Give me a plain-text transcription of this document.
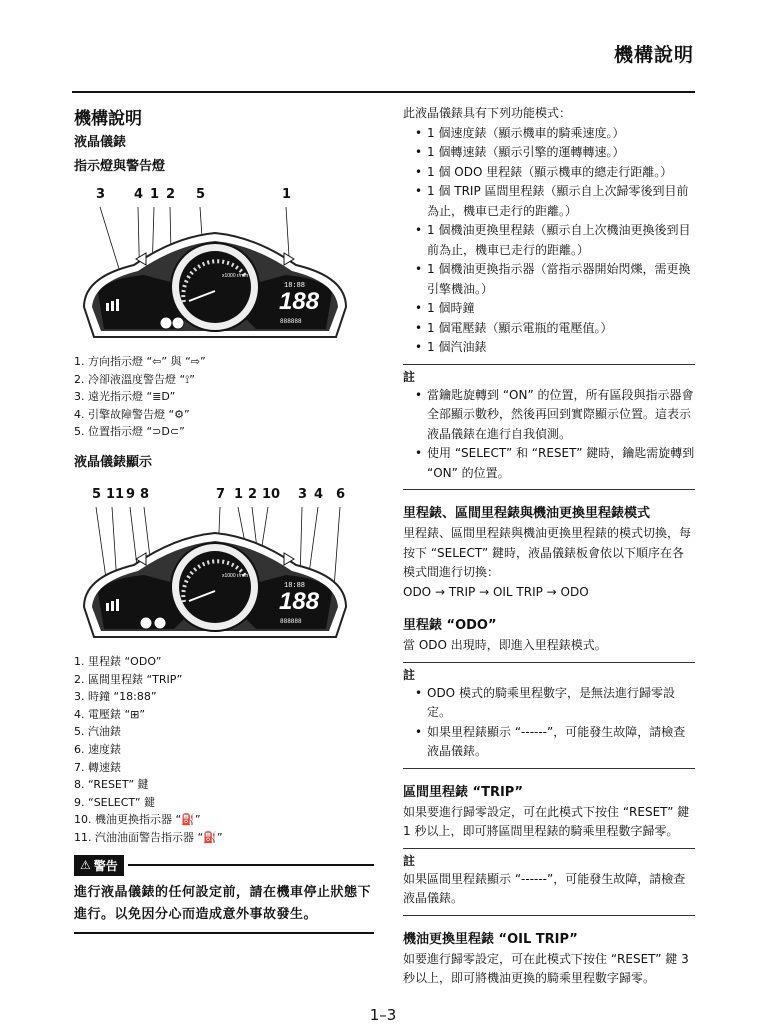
機構說明
機構說明
液晶儀錶
指示燈與警告燈
3 4 1 2 5	1
x1000 r/min
188
18:88
888888
1. 方向指示燈 “⇦” 與 “⇨”
2. 冷卻液溫度警告燈 “⟟”
3. 遠光指示燈 “≣D”
4. 引擎故障警告燈 “⚙”
5. 位置指示燈 “⊃D⊂”
液晶儀錶顯示
5 11 9 8	7 1 2 10 3 4 6
x1000 r/min
188
18:88
888888
1. 里程錶 “ODO”
2. 區間里程錶 “TRIP”
3. 時鐘 “18:88”
4. 電壓錶 “⊞”
5. 汽油錶
6. 速度錶
7. 轉速錶
8. “RESET” 鍵
9. “SELECT” 鍵
10. 機油更換指示器 “⛽”
11. 汽油油面警告指示器 “⛽”
⚠ 警告
進行液晶儀錶的任何設定前，請在機車停止狀態下進行。以免因分心而造成意外事故發生。

此液晶儀錶具有下列功能模式：

• 1 個速度錶（顯示機車的騎乘速度。）
• 1 個轉速錶（顯示引擎的運轉轉速。）
• 1 個 ODO 里程錶（顯示機車的總走行距離。）
• 1 個 TRIP 區間里程錶（顯示自上次歸零後到目前為止，機車已走行的距離。）
• 1 個機油更換里程錶（顯示自上次機油更換後到目前為止，機車已走行的距離。）
• 1 個機油更換指示器（當指示器開始閃爍，需更換引擎機油。）
• 1 個時鐘
• 1 個電壓錶（顯示電瓶的電壓值。）
• 1 個汽油錶
註
• 當鑰匙旋轉到 “ON” 的位置，所有區段與指示器會全部顯示數秒，然後再回到實際顯示位置。這表示液晶儀錶在進行自我偵測。
• 使用 “SELECT” 和 “RESET” 鍵時，鑰匙需旋轉到 “ON” 的位置。
里程錶、區間里程錶與機油更換里程錶模式

里程錶、區間里程錶與機油更換里程錶的模式切換，每按下 “SELECT” 鍵時，液晶儀錶板會依以下順序在各模式間進行切換：

ODO → TRIP → OIL TRIP → ODO

里程錶 “ODO”

當 ODO 出現時，即進入里程錶模式。

註
• ODO 模式的騎乘里程數字，是無法進行歸零設定。
• 如果里程錶顯示 “------”，可能發生故障，請檢查液晶儀錶。
區間里程錶 “TRIP”

如果要進行歸零設定，可在此模式下按住 “RESET” 鍵 1 秒以上，即可將區間里程錶的騎乘里程數字歸零。

註

如果區間里程錶顯示 “------”，可能發生故障，請檢查液晶儀錶。

機油更換里程錶 “OIL TRIP”

如要進行歸零設定，可在此模式下按住 “RESET” 鍵 3 秒以上，即可將機油更換的騎乘里程數字歸零。

1–3
